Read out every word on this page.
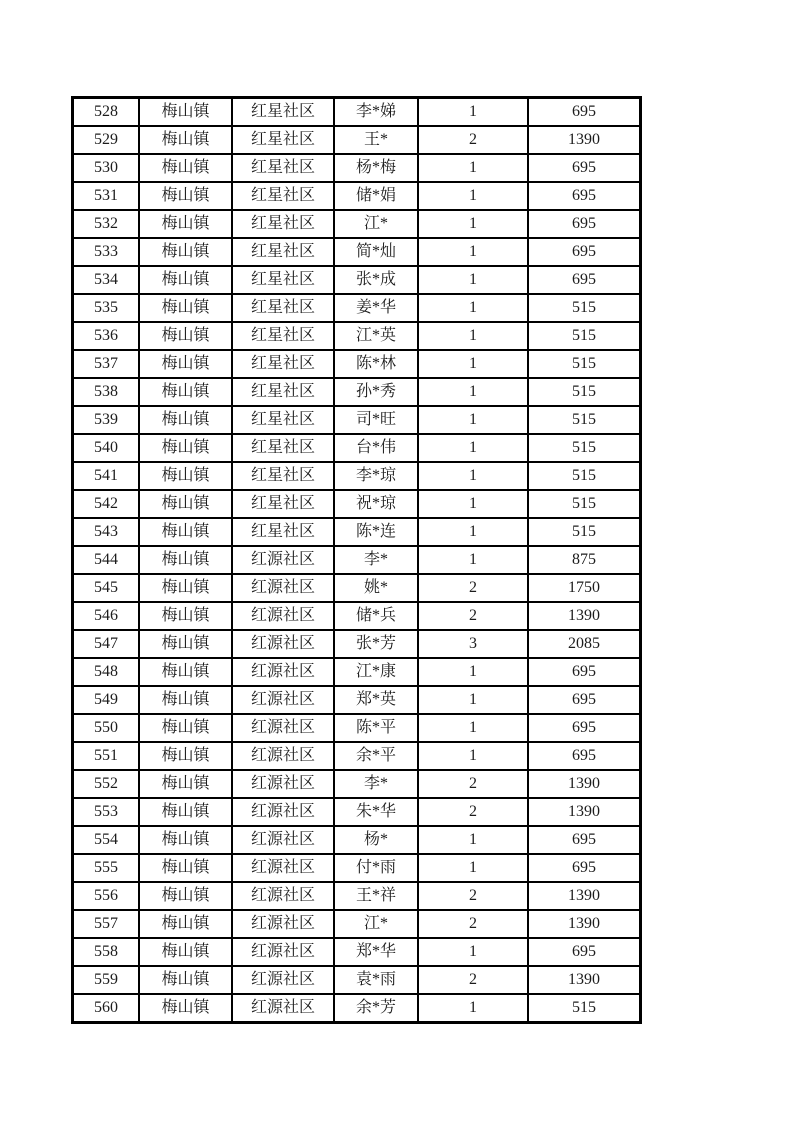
528	梅山镇	红星社区	李*娣	1	695
529	梅山镇	红星社区	王*	2	1390
530	梅山镇	红星社区	杨*梅	1	695
531	梅山镇	红星社区	储*娟	1	695
532	梅山镇	红星社区	江*	1	695
533	梅山镇	红星社区	简*灿	1	695
534	梅山镇	红星社区	张*成	1	695
535	梅山镇	红星社区	姜*华	1	515
536	梅山镇	红星社区	江*英	1	515
537	梅山镇	红星社区	陈*林	1	515
538	梅山镇	红星社区	孙*秀	1	515
539	梅山镇	红星社区	司*旺	1	515
540	梅山镇	红星社区	台*伟	1	515
541	梅山镇	红星社区	李*琼	1	515
542	梅山镇	红星社区	祝*琼	1	515
543	梅山镇	红星社区	陈*连	1	515
544	梅山镇	红源社区	李*	1	875
545	梅山镇	红源社区	姚*	2	1750
546	梅山镇	红源社区	储*兵	2	1390
547	梅山镇	红源社区	张*芳	3	2085
548	梅山镇	红源社区	江*康	1	695
549	梅山镇	红源社区	郑*英	1	695
550	梅山镇	红源社区	陈*平	1	695
551	梅山镇	红源社区	余*平	1	695
552	梅山镇	红源社区	李*	2	1390
553	梅山镇	红源社区	朱*华	2	1390
554	梅山镇	红源社区	杨*	1	695
555	梅山镇	红源社区	付*雨	1	695
556	梅山镇	红源社区	王*祥	2	1390
557	梅山镇	红源社区	江*	2	1390
558	梅山镇	红源社区	郑*华	1	695
559	梅山镇	红源社区	袁*雨	2	1390
560	梅山镇	红源社区	余*芳	1	515
